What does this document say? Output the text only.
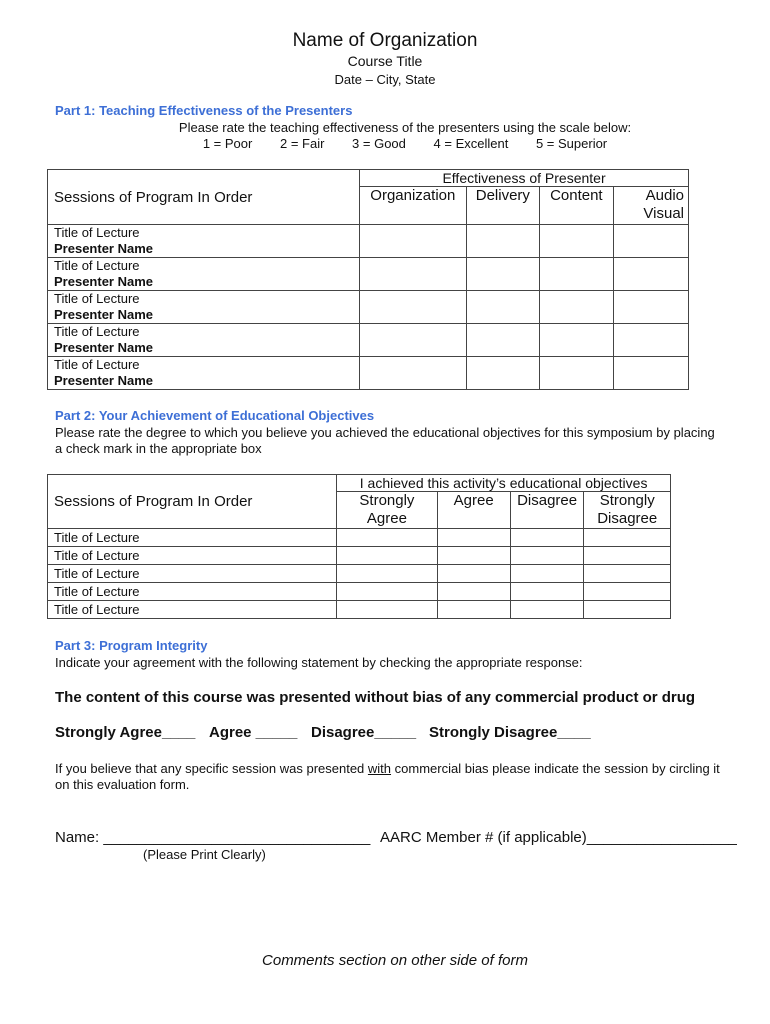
Name of Organization
Course Title
Date – City, State
Part 1: Teaching Effectiveness of the Presenters
Please rate the teaching effectiveness of the presenters using the scale below:
1 = Poor 2 = Fair 3 = Good 4 = Excellent 5 = Superior
Sessions of Program In Order	Effectiveness of Presenter			
	Organization	Delivery	Content	Audio Visual

Title of Lecture
Presenter Name				

Title of Lecture
Presenter Name				

Title of Lecture
Presenter Name				

Title of Lecture
Presenter Name				

Title of Lecture
Presenter Name				

Part 2: Your Achievement of Educational Objectives
Please rate the degree to which you believe you achieved the educational objectives for this symposium by placing a check mark in the appropriate box
Sessions of Program In Order	I achieved this activity’s educational objectives			
	Strongly Agree	Agree	Disagree	Strongly Disagree
Title of Lecture				
Title of Lecture				
Title of Lecture				
Title of Lecture				
Title of Lecture				
Part 3: Program Integrity
Indicate your agreement with the following statement by checking the appropriate response:
The content of this course was presented without bias of any commercial product or drug
Strongly Agree____ Agree _____ Disagree_____ Strongly Disagree____
If you believe that any specific session was presented with commercial bias please indicate the session by circling it on this evaluation form.
Name: ________________________________ AARC Member # (if applicable)__________________
(Please Print Clearly)
Comments section on other side of form
